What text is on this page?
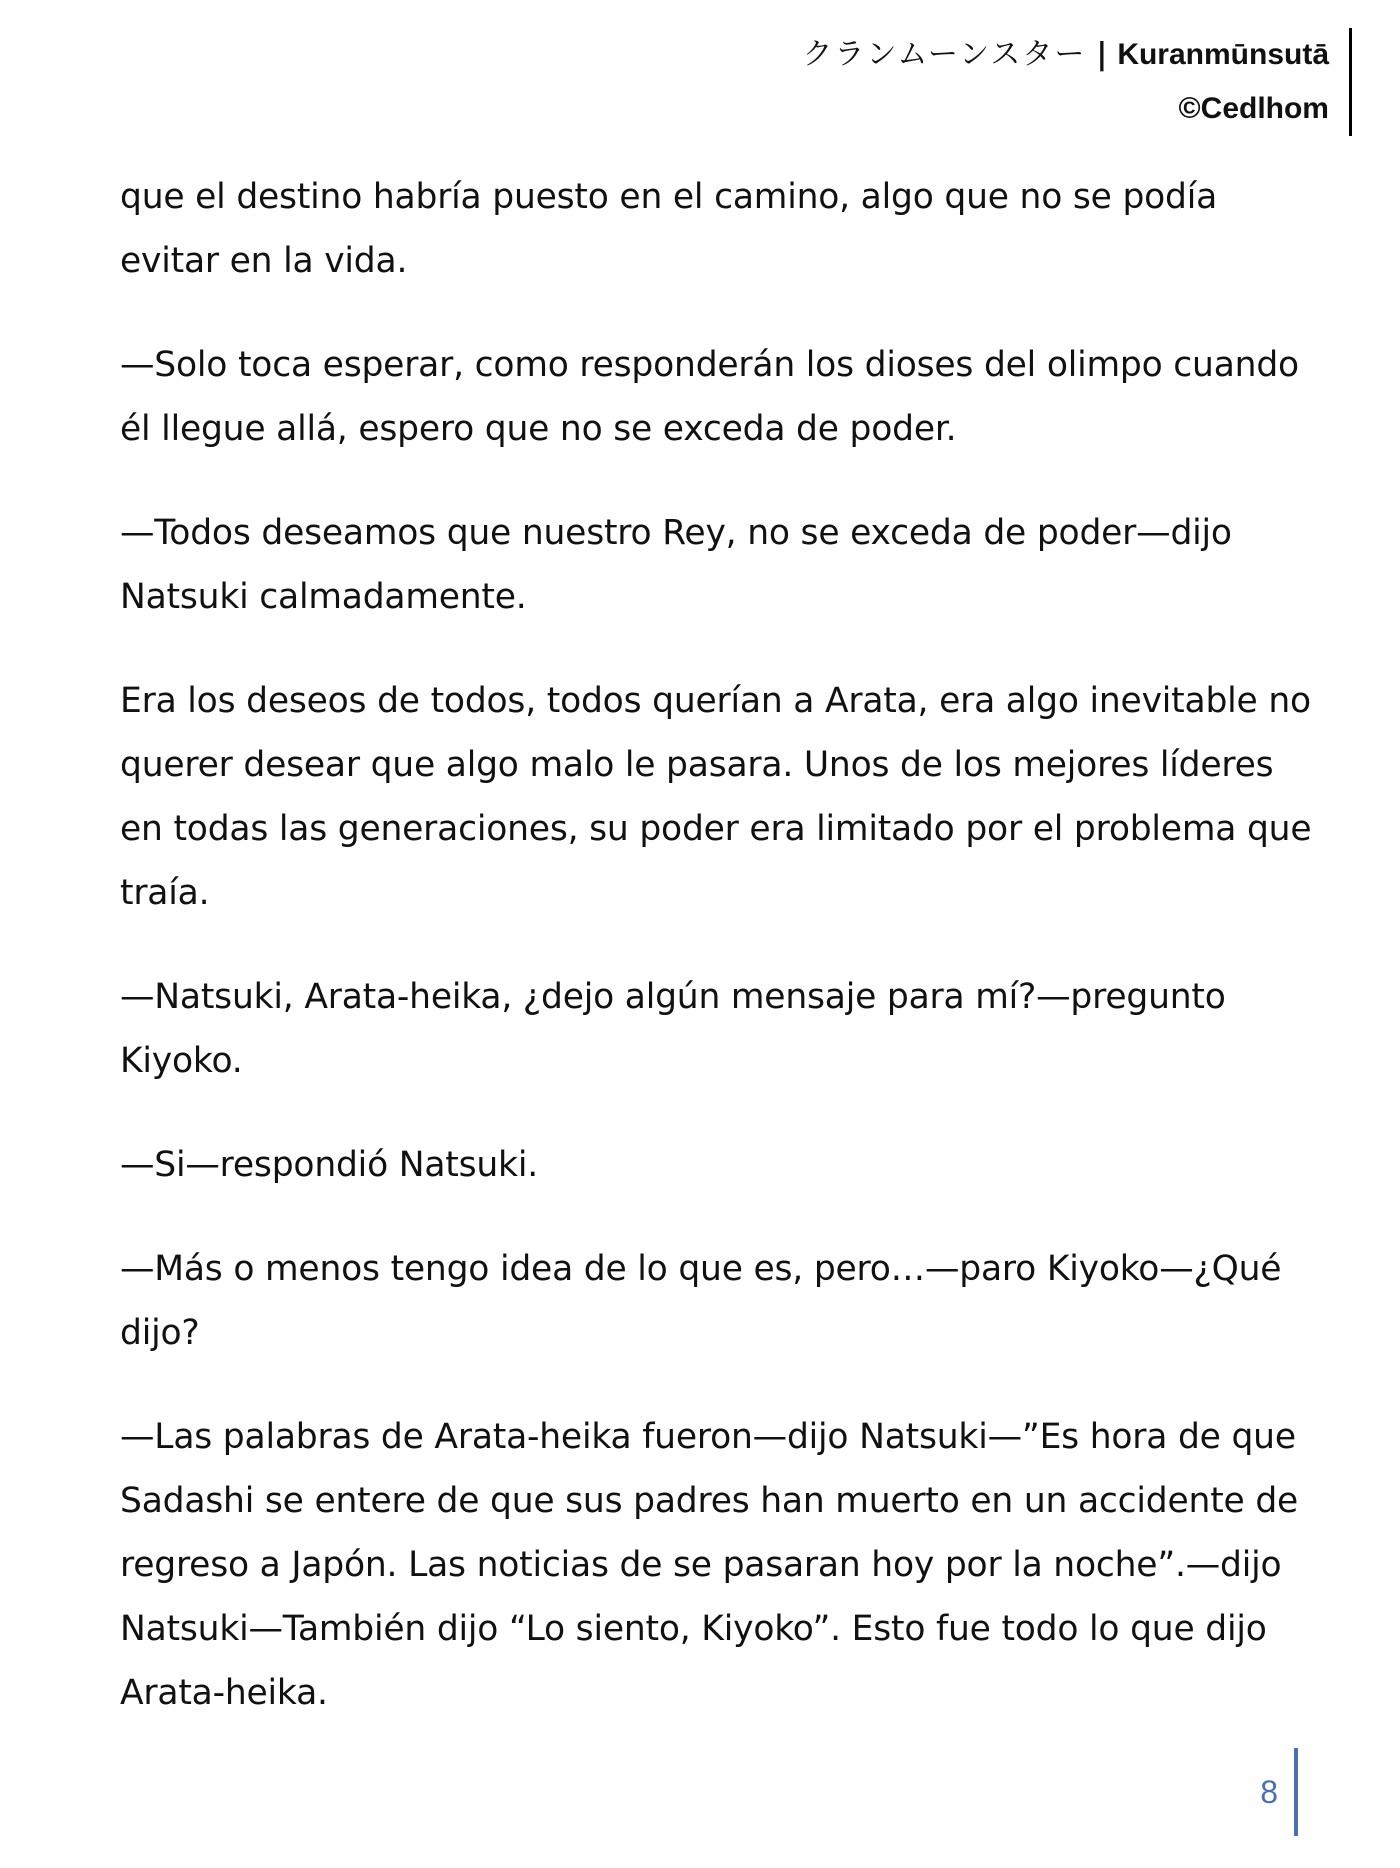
クランムーンスター | Kuranmūnsutā
©Cedlhom

que el destino habría puesto en el camino, algo que no se podía evitar en la vida.

—Solo toca esperar, como responderán los dioses del olimpo cuando él llegue allá, espero que no se exceda de poder.

—Todos deseamos que nuestro Rey, no se exceda de poder—dijo Natsuki calmadamente.

Era los deseos de todos, todos querían a Arata, era algo inevitable no querer desear que algo malo le pasara. Unos de los mejores líderes en todas las generaciones, su poder era limitado por el problema que traía.

—Natsuki, Arata-heika, ¿dejo algún mensaje para mí?—pregunto Kiyoko.

—Si—respondió Natsuki.

—Más o menos tengo idea de lo que es, pero…—paro Kiyoko—¿Qué dijo?

—Las palabras de Arata-heika fueron—dijo Natsuki—”Es hora de que Sadashi se entere de que sus padres han muerto en un accidente de regreso a Japón. Las noticias de se pasaran hoy por la noche”.—dijo Natsuki—También dijo “Lo siento, Kiyoko”. Esto fue todo lo que dijo Arata-heika.

8
